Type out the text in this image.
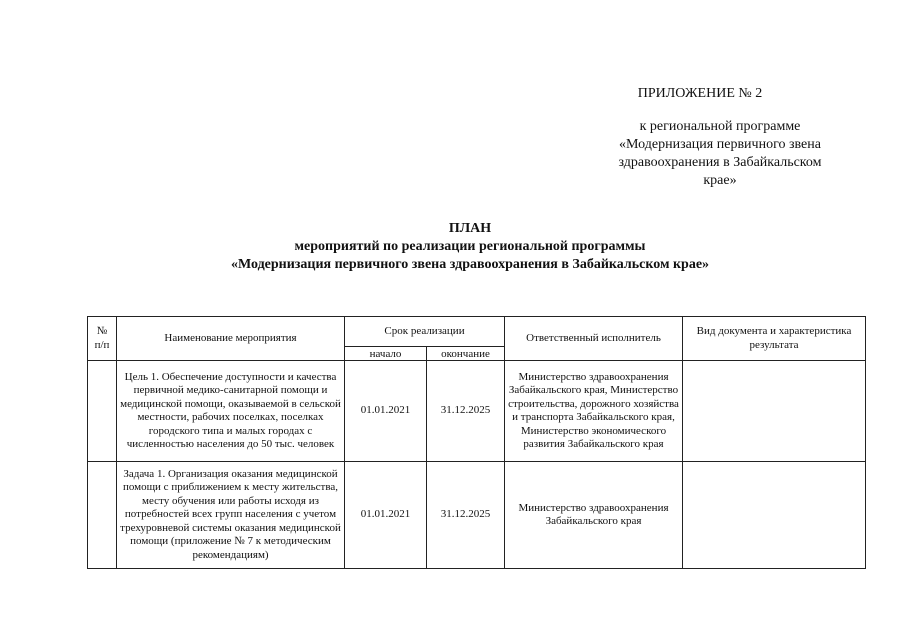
ПРИЛОЖЕНИЕ № 2
к региональной программе
«Модернизация первичного звена
здравоохранения в Забайкальском
крае»
ПЛАН
мероприятий по реализации региональной программы
«Модернизация первичного звена здравоохранения в Забайкальском крае»
№ п/п	Наименование мероприятия	Срок реализации		Ответственный исполнитель	Вид документа и характеристика результата
		начало	окончание		
	Цель 1. Обеспечение доступности и качества первичной медико-санитарной помощи и медицинской помощи, оказываемой в сельской местности, рабочих поселках, поселках городского типа и малых городах с численностью населения до 50 тыс. человек	01.01.2021	31.12.2025	Министерство здравоохранения Забайкальского края, Министерство строительства, дорожного хозяйства и транспорта Забайкальского края, Министерство экономического развития Забайкальского края	
	Задача 1. Организация оказания медицинской помощи с приближением к месту жительства, месту обучения или работы исходя из потребностей всех групп населения с учетом трехуровневой системы оказания медицинской помощи (приложение № 7 к методическим рекомендациям)	01.01.2021	31.12.2025	Министерство здравоохранения Забайкальского края	
